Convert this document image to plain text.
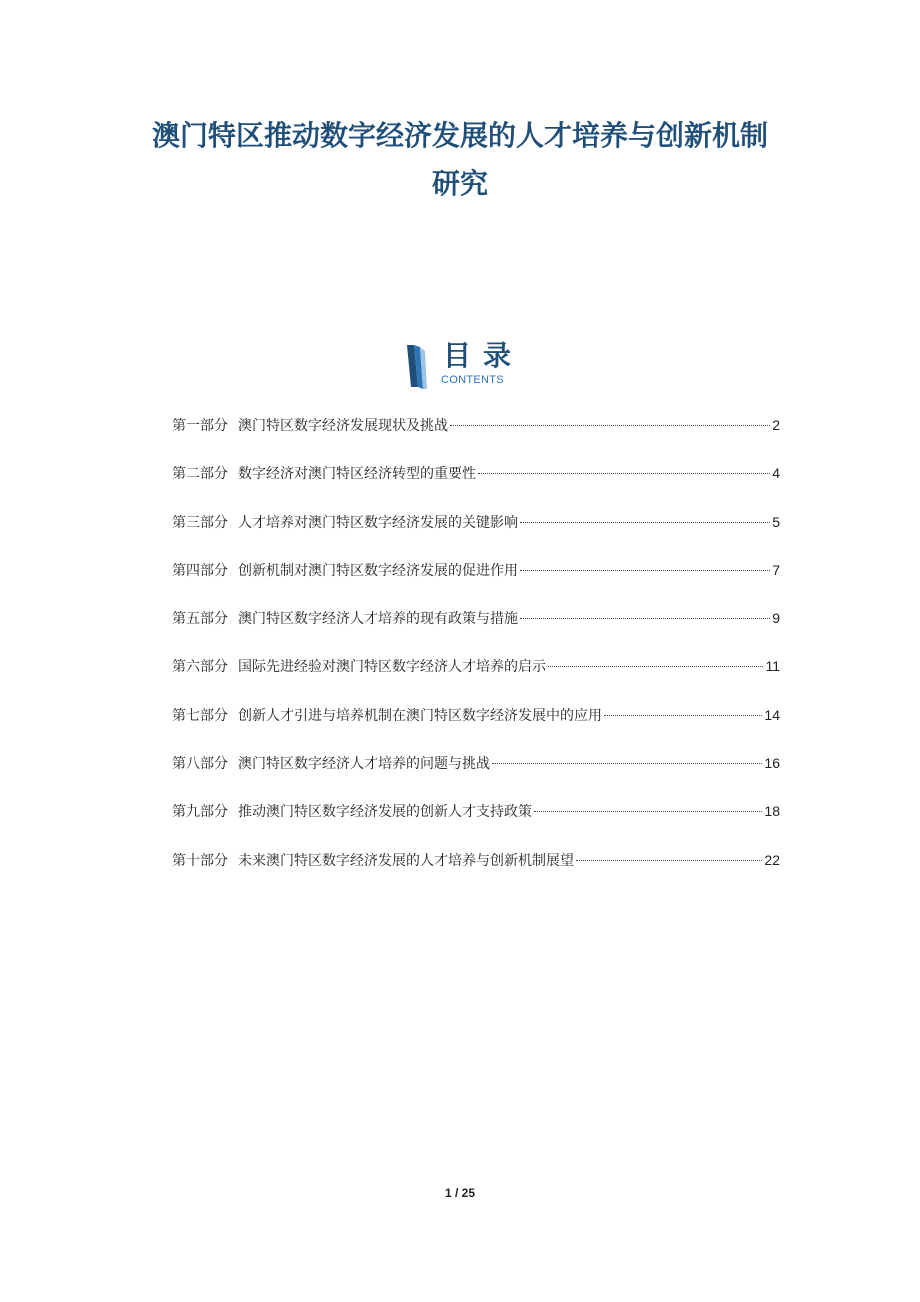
澳门特区推动数字经济发展的人才培养与创新机制
研究
目录
CONTENTS
第一部分 澳门特区数字经济发展现状及挑战	2
第二部分 数字经济对澳门特区经济转型的重要性	4
第三部分 人才培养对澳门特区数字经济发展的关键影响	5
第四部分 创新机制对澳门特区数字经济发展的促进作用	7
第五部分 澳门特区数字经济人才培养的现有政策与措施	9
第六部分 国际先进经验对澳门特区数字经济人才培养的启示	11
第七部分 创新人才引进与培养机制在澳门特区数字经济发展中的应用	14
第八部分 澳门特区数字经济人才培养的问题与挑战	16
第九部分 推动澳门特区数字经济发展的创新人才支持政策	18
第十部分 未来澳门特区数字经济发展的人才培养与创新机制展望	22
1 / 25
